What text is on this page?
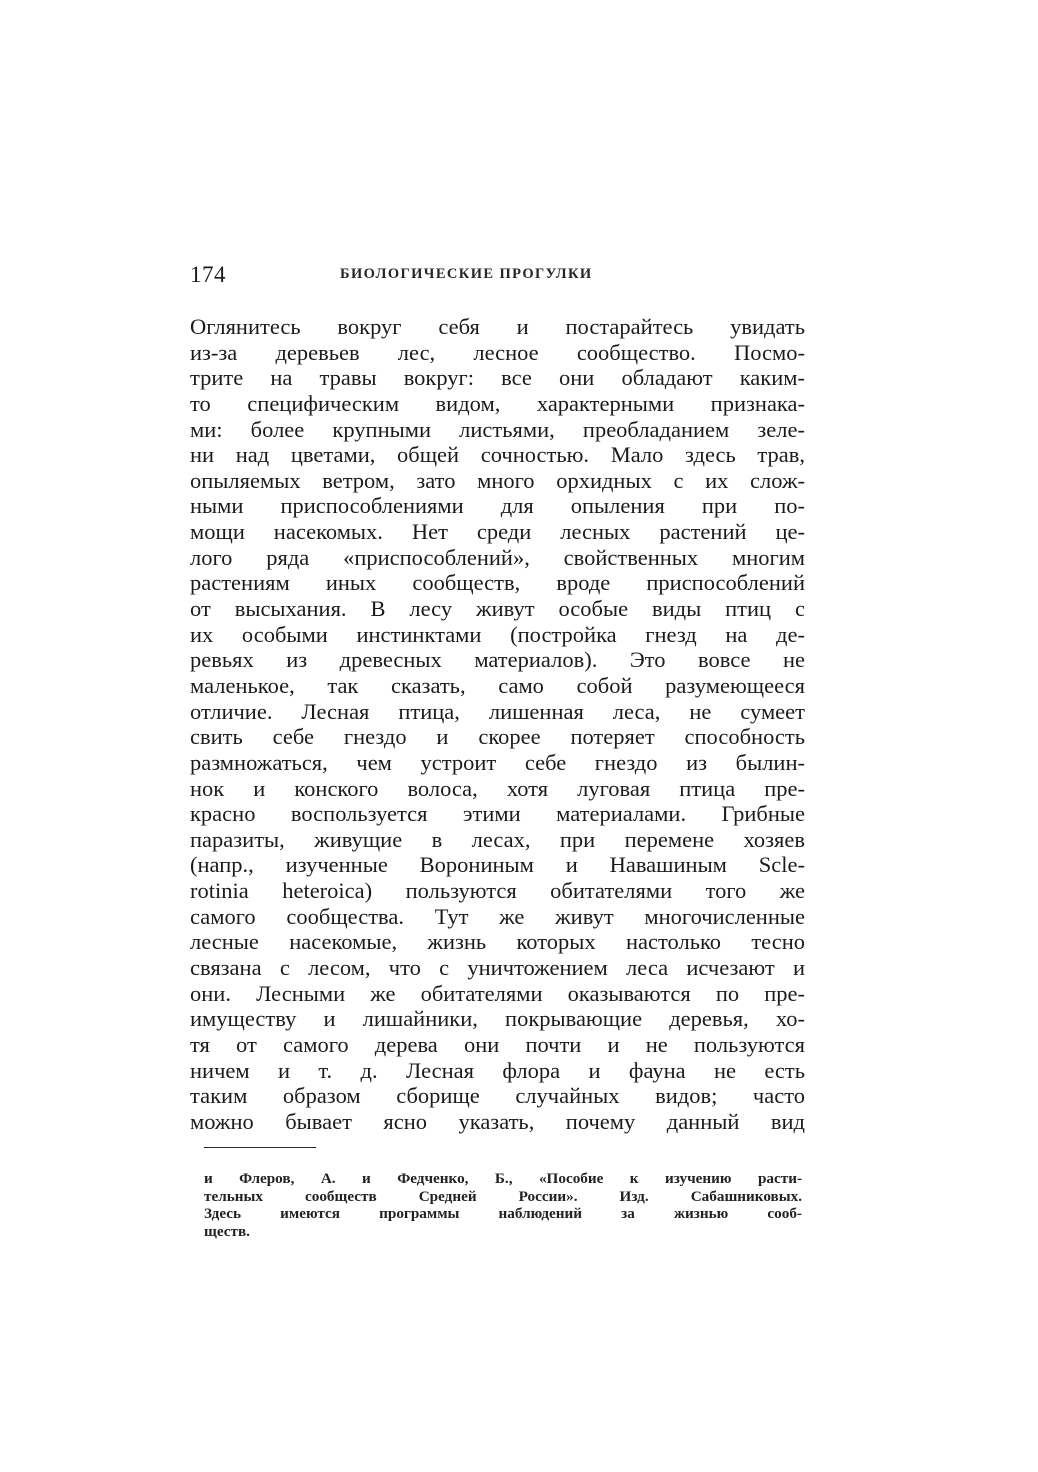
174	БИОЛОГИЧЕСКИЕ ПРОГУЛКИ
Оглянитесь вокруг себя и постарайтесь увидать
из-за деревьев лес, лесное сообщество. Посмо-
трите на травы вокруг: все они обладают каким-
то специфическим видом, характерными признака-
ми: более крупными листьями, преобладанием зеле-
ни над цветами, общей сочностью. Мало здесь трав,
опыляемых ветром, зато много орхидных с их слож-
ными приспособлениями для опыления при по-
мощи насекомых. Нет среди лесных растений це-
лого ряда «приспособлений», свойственных многим
растениям иных сообществ, вроде приспособлений
от высыхания. В лесу живут особые виды птиц с
их особыми инстинктами (постройка гнезд на де-
ревьях из древесных материалов). Это вовсе не
маленькое, так сказать, само собой разумеющееся
отличие. Лесная птица, лишенная леса, не сумеет
свить себе гнездо и скорее потеряет способность
размножаться, чем устроит себе гнездо из былин-
нок и конского волоса, хотя луговая птица пре-
красно воспользуется этими материалами. Грибные
паразиты, живущие в лесах, при перемене хозяев
(напр., изученные Ворониным и Навашиным Scle-
rotinia heteroica) пользуются обитателями того же
самого сообщества. Тут же живут многочисленные
лесные насекомые, жизнь которых настолько тесно
связана с лесом, что с уничтожением леса исчезают и
они. Лесными же обитателями оказываются по пре-
имуществу и лишайники, покрывающие деревья, хо-
тя от самого дерева они почти и не пользуются
ничем и т. д. Лесная флора и фауна не есть
таким образом сборище случайных видов; часто
можно бывает ясно указать, почему данный вид
и Флеров, А. и Федченко, Б., «Пособие к изучению расти-
тельных сообществ Средней России». Изд. Сабашниковых.
Здесь имеются программы наблюдений за жизнью сооб-
ществ.
